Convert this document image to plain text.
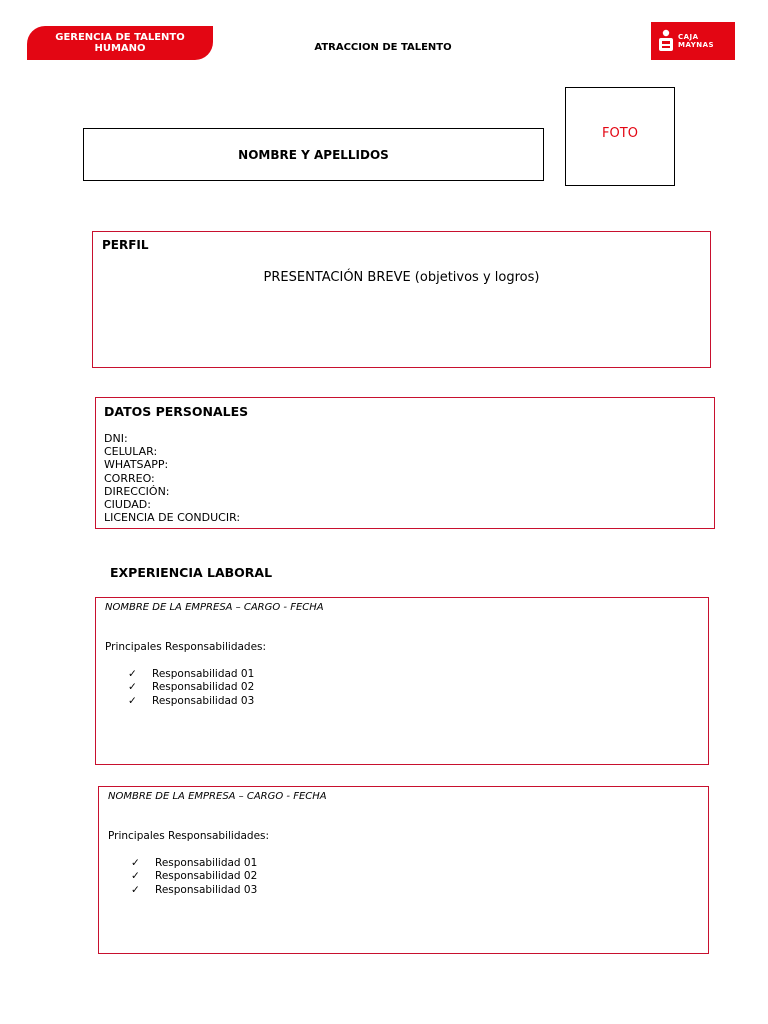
GERENCIA DE TALENTO
HUMANO	ATRACCION DE TALENTO
CAJA
MAYNAS
FOTO
NOMBRE Y APELLIDOS
PERFIL
PRESENTACIÓN BREVE (objetivos y logros)
DATOS PERSONALES
DNI:
CELULAR:
WHATSAPP:
CORREO:
DIRECCIÓN:
CIUDAD:
LICENCIA DE CONDUCIR:
EXPERIENCIA LABORAL
NOMBRE DE LA EMPRESA – CARGO - FECHA
Principales Responsabilidades:
✓	Responsabilidad 01
✓	Responsabilidad 02
✓	Responsabilidad 03
NOMBRE DE LA EMPRESA – CARGO - FECHA
Principales Responsabilidades:
✓	Responsabilidad 01
✓	Responsabilidad 02
✓	Responsabilidad 03
